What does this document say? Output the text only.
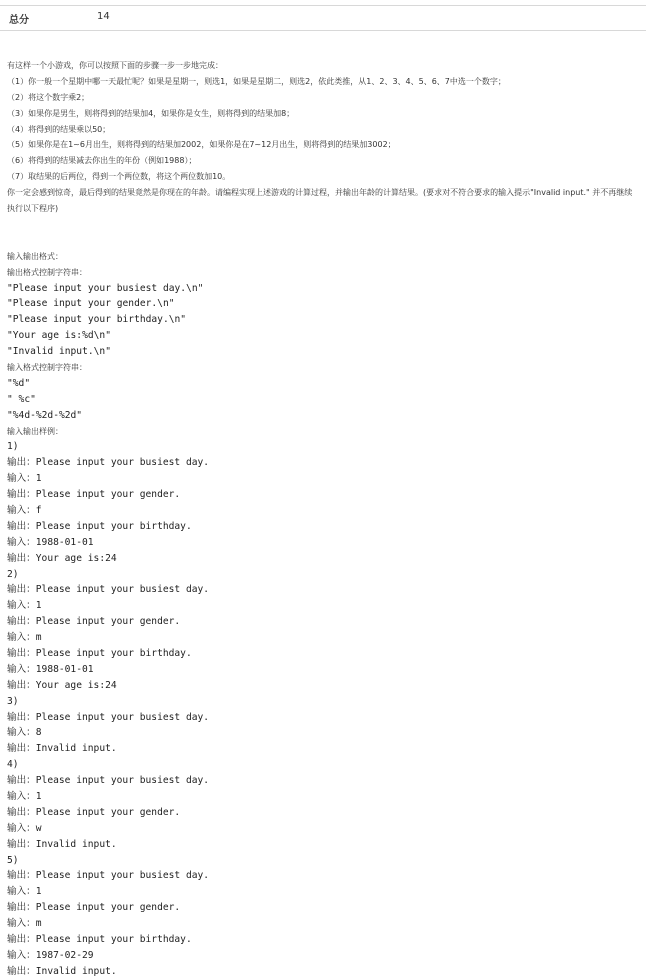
总分	14
有这样一个小游戏，你可以按照下面的步骤一步一步地完成：
（1）你一般一个星期中哪一天最忙呢？如果是星期一，则选1，如果是星期二，则选2，依此类推，从1、2、3、4、5、6、7中选一个数字；
（2）将这个数字乘2；
（3）如果你是男生，则将得到的结果加4，如果你是女生，则将得到的结果加8；
（4）将得到的结果乘以50；
（5）如果你是在1~6月出生，则将得到的结果加2002，如果你是在7~12月出生，则将得到的结果加3002；
（6）将得到的结果减去你出生的年份（例如1988）；
（7）取结果的后两位，得到一个两位数，将这个两位数加10。
你一定会感到惊奇，最后得到的结果竟然是你现在的年龄。请编程实现上述游戏的计算过程，并输出年龄的计算结果。(要求对不符合要求的输入提示"Invalid input." 并不再继续执行以下程序)
输入输出格式：
输出格式控制字符串：
"Please input your busiest day.\n"
"Please input your gender.\n"
"Please input your birthday.\n"
"Your age is:%d\n"
"Invalid input.\n"
输入格式控制字符串：
"%d"
" %c"
"%4d-%2d-%2d"
输入输出样例：
1)
输出：Please input your busiest day.
输入：1
输出：Please input your gender.
输入：f
输出：Please input your birthday.
输入：1988-01-01
输出：Your age is:24
2)
输出：Please input your busiest day.
输入：1
输出：Please input your gender.
输入：m
输出：Please input your birthday.
输入：1988-01-01
输出：Your age is:24
3)
输出：Please input your busiest day.
输入：8
输出：Invalid input.
4)
输出：Please input your busiest day.
输入：1
输出：Please input your gender.
输入：w
输出：Invalid input.
5)
输出：Please input your busiest day.
输入：1
输出：Please input your gender.
输入：m
输出：Please input your birthday.
输入：1987-02-29
输出：Invalid input.
